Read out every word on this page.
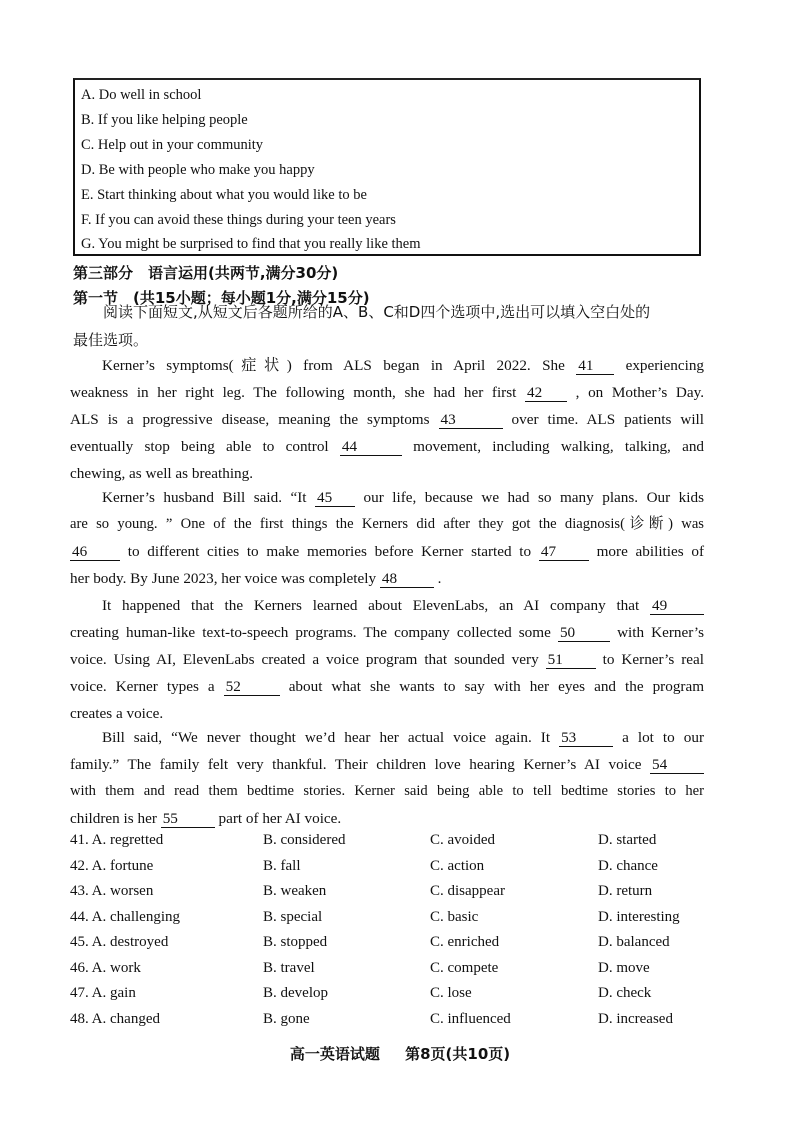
A. Do well in school
B. If you like helping people
C. Help out in your community
D. Be with people who make you happy
E. Start thinking about what you would like to be
F. If you can avoid these things during your teen years
G. You might be surprised to find that you really like them
第三部分　语言运用(共两节,满分30分)
第一节　(共15小题；每小题1分,满分15分)
　　阅读下面短文,从短文后各题所给的A、B、C和D四个选项中,选出可以填入空白处的
最佳选项。
Kerner’s symptoms(症状) from ALS began in April 2022. She 41 experiencing
weakness in her right leg. The following month, she had her first 42 , on Mother’s Day.
ALS is a progressive disease, meaning the symptoms 43	over time. ALS patients will
eventually stop being able to control 44	movement, including walking, talking, and
chewing, as well as breathing.
Kerner’s husband Bill said. “It 45 our life, because we had so many plans. Our kids
are so young. ” One of the first things the Kerners did after they got the diagnosis(诊断) was
46	to different cities to make memories before Kerner started to 47	more abilities of
her body. By June 2023, her voice was completely 48	.
It happened that the Kerners learned about ElevenLabs, an AI company that 49
creating human-like text-to-speech programs. The company collected some 50	with Kerner’s
voice. Using AI, ElevenLabs created a voice program that sounded very 51	to Kerner’s real
voice. Kerner types a 52	about what she wants to say with her eyes and the program
creates a voice.
Bill said, “We never thought we’d hear her actual voice again. It 53	a lot to our
family.” The family felt very thankful. Their children love hearing Kerner’s AI voice 54
with them and read them bedtime stories. Kerner said being able to tell bedtime stories to her
children is her 55	part of her AI voice.
41. A. regretted	B. considered	C. avoided	D. started
42. A. fortune	B. fall	C. action	D. chance
43. A. worsen	B. weaken	C. disappear	D. return
44. A. challenging	B. special	C. basic	D. interesting
45. A. destroyed	B. stopped	C. enriched	D. balanced
46. A. work	B. travel	C. compete	D. move
47. A. gain	B. develop	C. lose	D. check
48. A. changed	B. gone	C. influenced	D. increased
高一英语试题 第8页(共10页)
